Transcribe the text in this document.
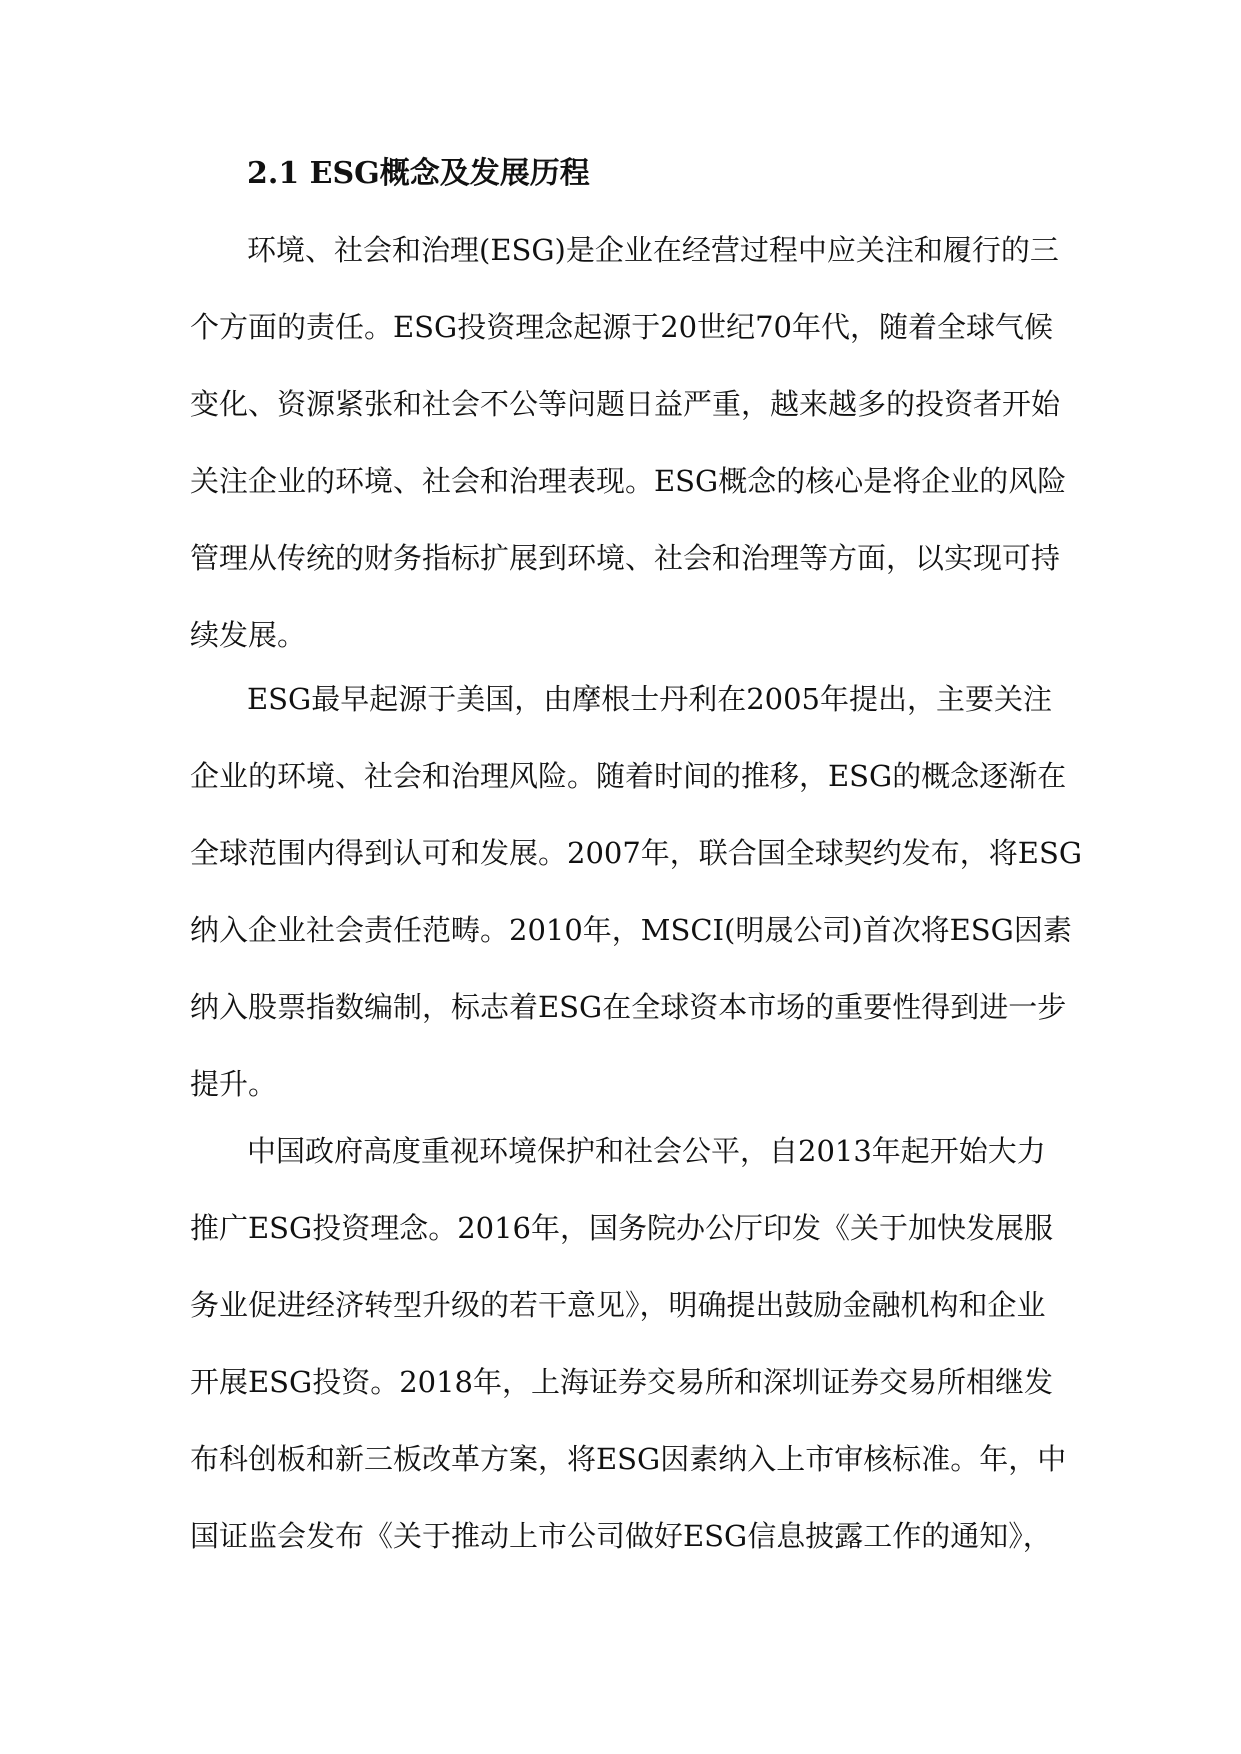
2.1 ESG概念及发展历程
环境、社会和治理(ESG)是企业在经营过程中应关注和履行的三
个方面的责任。ESG投资理念起源于20世纪70年代，随着全球气候
变化、资源紧张和社会不公等问题日益严重，越来越多的投资者开始
关注企业的环境、社会和治理表现。ESG概念的核心是将企业的风险
管理从传统的财务指标扩展到环境、社会和治理等方面，以实现可持
续发展。
ESG最早起源于美国，由摩根士丹利在2005年提出，主要关注
企业的环境、社会和治理风险。随着时间的推移，ESG的概念逐渐在
全球范围内得到认可和发展。2007年，联合国全球契约发布，将ESG
纳入企业社会责任范畴。2010年，MSCI(明晟公司)首次将ESG因素
纳入股票指数编制，标志着ESG在全球资本市场的重要性得到进一步
提升。
中国政府高度重视环境保护和社会公平，自2013年起开始大力
推广ESG投资理念。2016年，国务院办公厅印发《关于加快发展服
务业促进经济转型升级的若干意见》，明确提出鼓励金融机构和企业
开展ESG投资。2018年，上海证券交易所和深圳证券交易所相继发
布科创板和新三板改革方案，将ESG因素纳入上市审核标准。年，中
国证监会发布《关于推动上市公司做好ESG信息披露工作的通知》，
